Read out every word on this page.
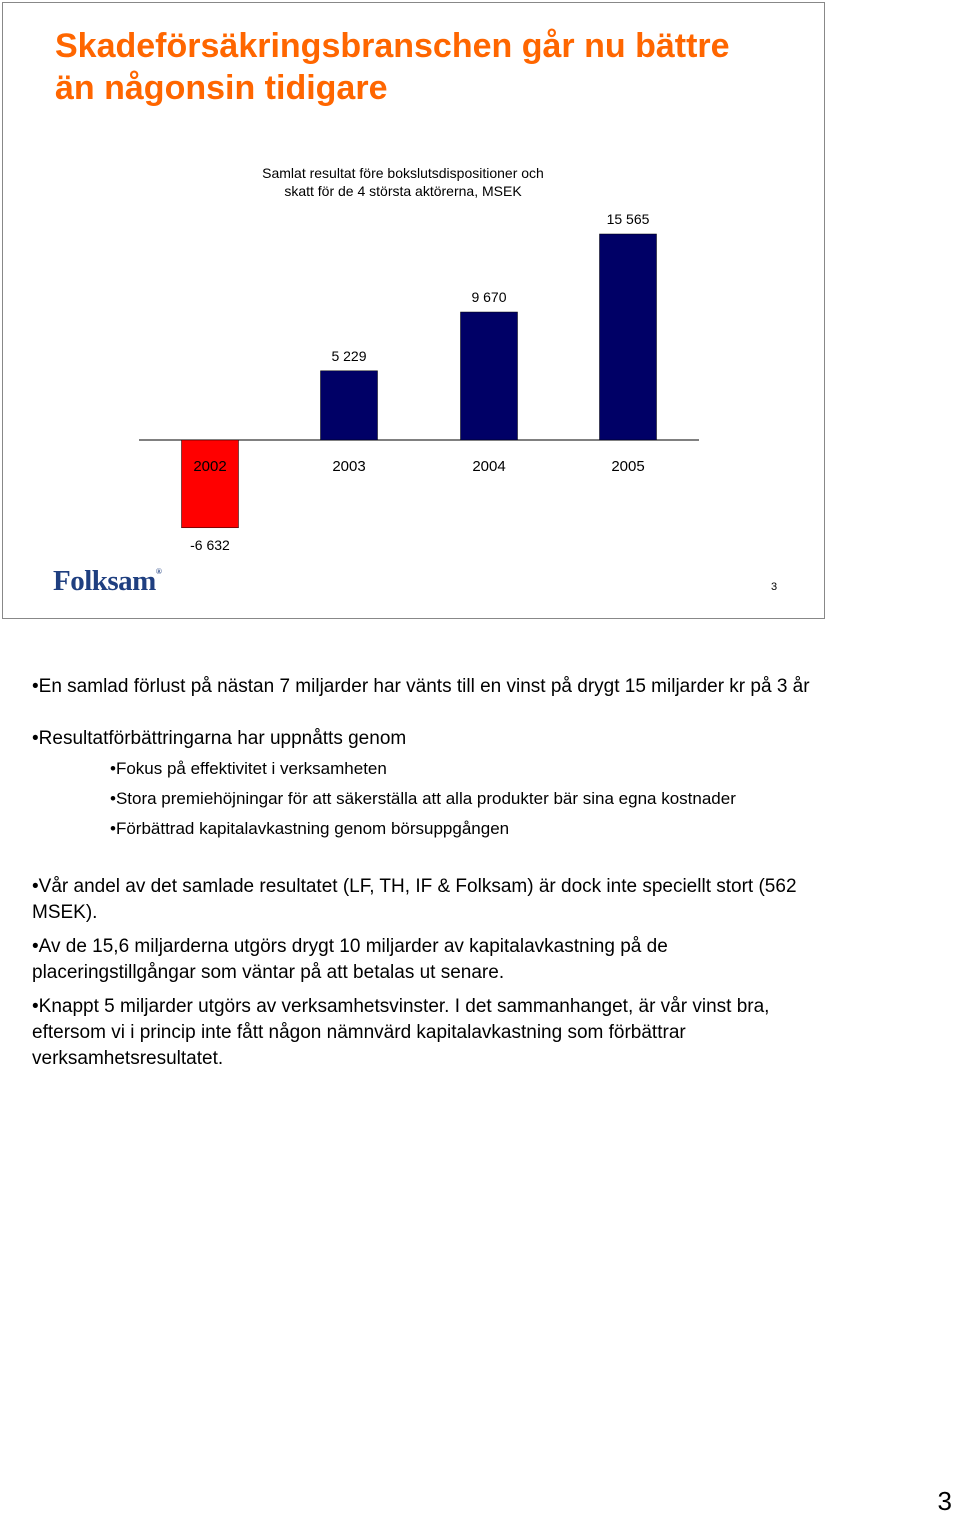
Skadeförsäkringsbranschen går nu bättre än någonsin tidigare
Samlat resultat före bokslutsdispositioner och
skatt för de 4 största aktörerna, MSEK
-6 632
2002
5 229
2003
9 670
2004
15 565
2005
Folksam®
3
•En samlad förlust på nästan 7 miljarder har vänts till en vinst på drygt 15 miljarder kr på 3 år
•Resultatförbättringarna har uppnåtts genom
•Fokus på effektivitet i verksamheten
•Stora premiehöjningar för att säkerställa att alla produkter bär sina egna kostnader
•Förbättrad kapitalavkastning genom börsuppgången
•Vår andel av det samlade resultatet (LF, TH, IF & Folksam) är dock inte speciellt stort (562 MSEK).
•Av de 15,6 miljarderna utgörs drygt 10 miljarder av kapitalavkastning på de placeringstillgångar som väntar på att betalas ut senare.
•Knappt 5 miljarder utgörs av verksamhetsvinster. I det sammanhanget, är vår vinst bra, eftersom vi i princip inte fått någon nämnvärd kapitalavkastning som förbättrar verksamhetsresultatet.
3
